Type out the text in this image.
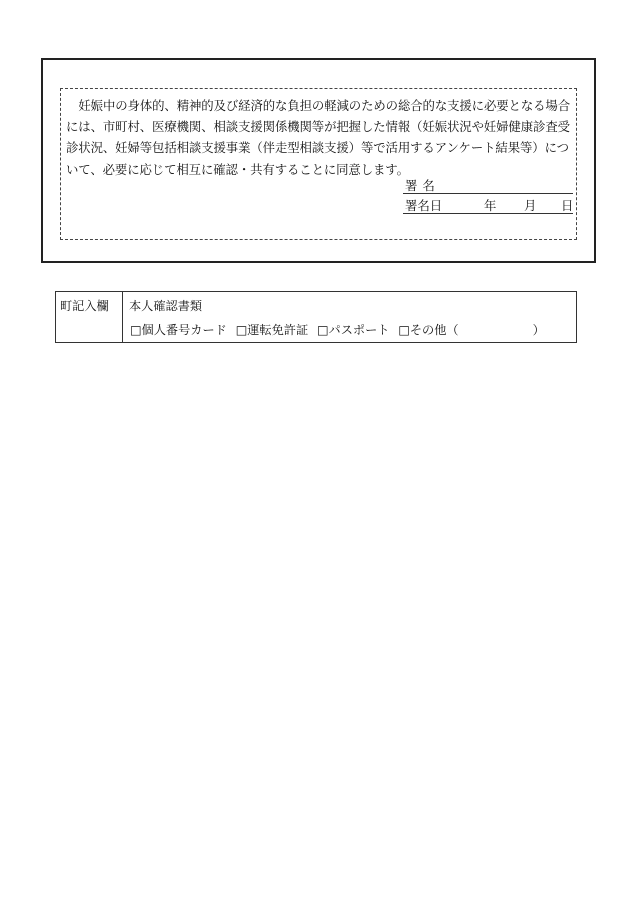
妊娠中の身体的、精神的及び経済的な負担の軽減のための総合的な支援に必要となる場合には、市町村、医療機関、相談支援関係機関等が把握した情報（妊娠状況や妊婦健康診査受診状況、妊婦等包括相談支援事業（伴走型相談支援）等で活用するアンケート結果等）について、必要に応じて相互に確認・共有することに同意します。

署名
署名日	年 月 日
町記入欄 本人確認書類
□個人番号カード □運転免許証 □パスポート □その他（	）
